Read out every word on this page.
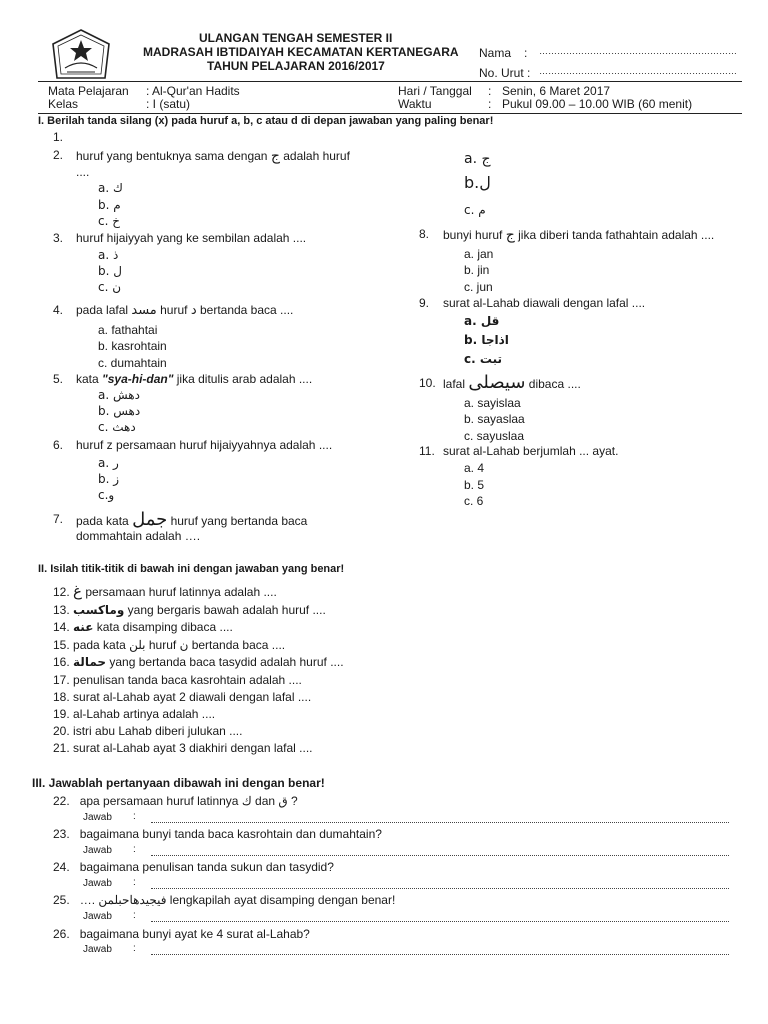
ULANGAN TENGAH SEMESTER II
MADRASAH IBTIDAIYAH KECAMATAN KERTANEGARA
TAHUN PELAJARAN 2016/2017
Nama : …………………………………………………………
No. Urut : …………………………………………………………
Mata Pelajaran : Al-Qur'an Hadits
Kelas	: I (satu)
Hari / Tanggal : Senin, 6 Maret 2017
Waktu	: Pukul 09.00 – 10.00 WIB (60 menit)
I. Berilah tanda silang (x) pada huruf a, b, c atau d di depan jawaban yang paling benar!
1.
2. huruf yang bentuknya sama dengan ج adalah huruf
....
a. ك
b. م
c. خ
3. huruf hijaiyyah yang ke sembilan adalah ....
a. ذ
b. ل
c. ن
4. pada lafal مسد huruf د bertanda baca ....
a. fathahtai
b. kasrohtain
c. dumahtain
5. kata "sya-hi-dan" jika ditulis arab adalah ....
a. دهش
b. دهس
c. دهث
6. huruf z persamaan huruf hijaiyyahnya adalah ....
a. ر
b. ز
c.و
7. pada kata جمل huruf yang bertanda baca
dommahtain adalah ….
a. ج
b.ل
c. م
8. bunyi huruf ج jika diberi tanda fathahtain adalah ....
a. jan
b. jin
c. jun
9. surat al-Lahab diawali dengan lafal ....
a. قل
b. اذاجا
c. تبت
10. lafal سيصلى dibaca ....
a. sayislaa
b. sayaslaa
c. sayuslaa
11. surat al-Lahab berjumlah ... ayat.
a. 4
b. 5
c. 6
II. Isilah titik-titik di bawah ini dengan jawaban yang benar!
12. غ persamaan huruf latinnya adalah ....
13. وماكسب yang bergaris bawah adalah huruf ....
14. عنه kata disamping dibaca ....
15. pada kata بلن huruf ن bertanda baca ....
16. حمالة yang bertanda baca tasydid adalah huruf ....
17. penulisan tanda baca kasrohtain adalah ....
18. surat al-Lahab ayat 2 diawali dengan lafal ....
19. al-Lahab artinya adalah ....
20. istri abu Lahab diberi julukan ....
21. surat al-Lahab ayat 3 diakhiri dengan lafal ....
III. Jawablah pertanyaan dibawah ini dengan benar!
22. apa persamaan huruf latinnya ك dan ق ?
Jawab :
23. bagaimana bunyi tanda baca kasrohtain dan dumahtain?
Jawab :
24. bagaimana penulisan tanda sukun dan tasydid?
Jawab :
25. …. فيجيدهاحبلمن lengkapilah ayat disamping dengan benar!
Jawab :
26. bagaimana bunyi ayat ke 4 surat al-Lahab?
Jawab :
